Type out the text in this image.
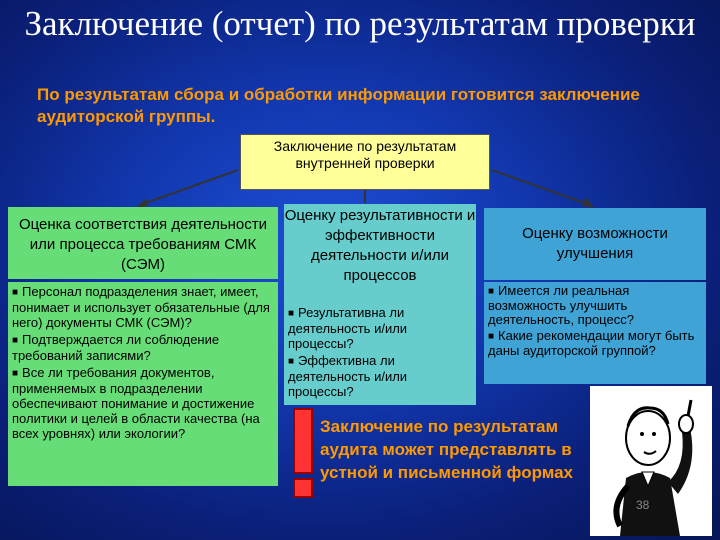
Заключение (отчет) по результатам проверки
По результатам сбора и обработки информации готовится заключение аудиторской группы.
Заключение по результатам внутренней проверки
Оценка соответствия деятельности или процесса требованиям СМК (СЭМ)
■ Персонал подразделения знает, имеет, понимает и использует обязательные (для него) документы СМК (СЭМ)?
■ Подтверждается ли соблюдение требований записями?
■ Все ли требования документов, применяемых в подразделении обеспечивают понимание и достижение политики и целей в области качества (на всех уровнях) или экологии?
Оценку результативности и эффективности деятельности и/или процессов
■ Результативна ли деятельность и/или процессы?
■ Эффективна ли деятельность и/или процессы?
Оценку возможности улучшения
■ Имеется ли реальная возможность улучшить деятельность, процесс?
■ Какие рекомендации могут быть даны аудиторской группой?
Заключение по результатам аудита может представлять в устной и письменной формах
38
